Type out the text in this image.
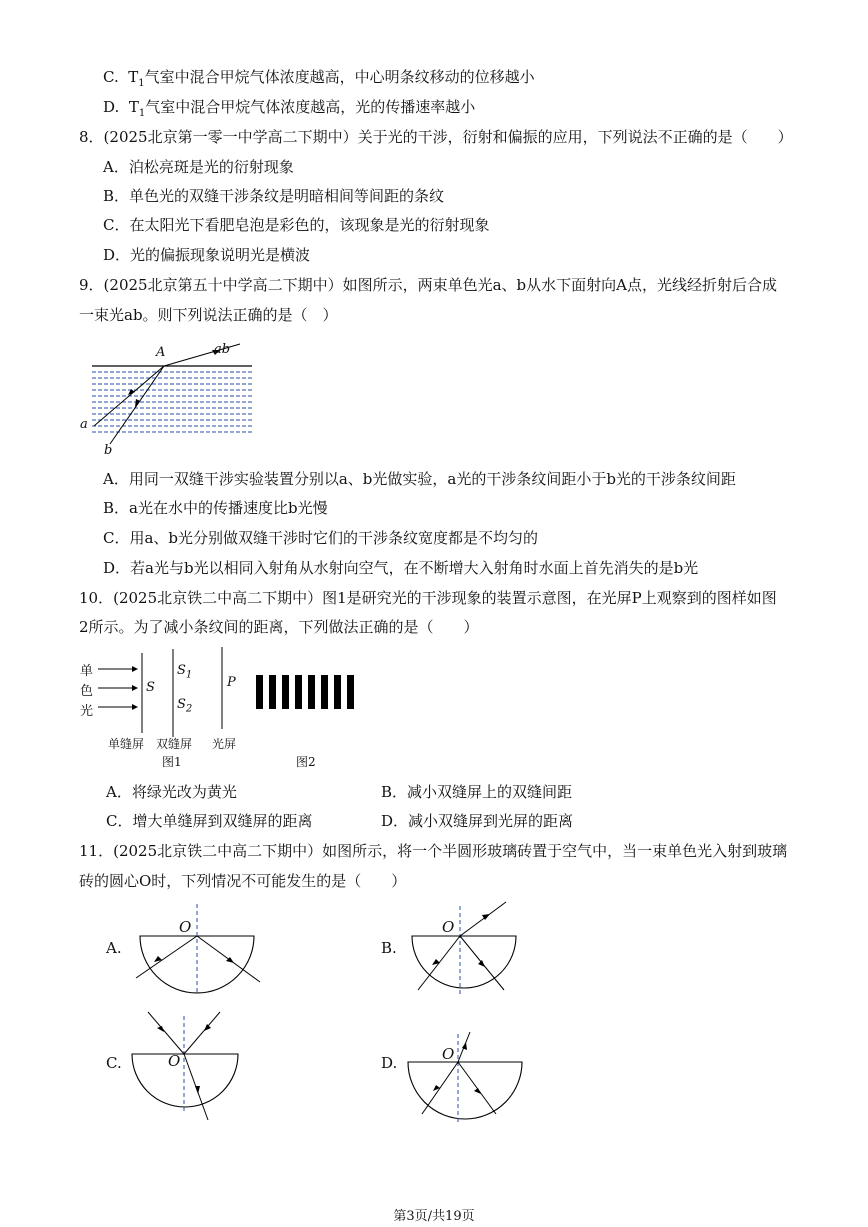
C. $T_1$气室中混合甲烷气体浓度越高，中心明条纹移动的位移越小
D. $T_1$气室中混合甲烷气体浓度越高，光的传播速率越小
8．(2025北京第一零一中学高二下期中）关于光的干涉，衍射和偏振的应用，下列说法不正确的是（　　）
A．泊松亮斑是光的衍射现象
B．单色光的双缝干涉条纹是明暗相间等间距的条纹
C．在太阳光下看肥皂泡是彩色的，该现象是光的衍射现象
D．光的偏振现象说明光是横波
9．(2025北京第五十中学高二下期中）如图所示，两束单色光a、b从水下面射向A点，光线经折射后合成
一束光ab。则下列说法正确的是（　）
A	ab
a
b
A．用同一双缝干涉实验装置分别以a、b光做实验，a光的干涉条纹间距小于b光的干涉条纹间距
B．a光在水中的传播速度比b光慢
C．用a、b光分别做双缝干涉时它们的干涉条纹宽度都是不均匀的
D．若a光与b光以相同入射角从水射向空气，在不断增大入射角时水面上首先消失的是b光
10．(2025北京铁二中高二下期中）图1是研究光的干涉现象的装置示意图，在光屏P上观察到的图样如图
2所示。为了减小条纹间的距离，下列做法正确的是（　　）
单
色
光
S
$S_1$
$S_2$
P
单缝屏 双缝屏 光屏
图1	图2
A．将绿光改为黄光	B．减小双缝屏上的双缝间距
C．增大单缝屏到双缝屏的距离	D．减小双缝屏到光屏的距离
11．(2025北京铁二中高二下期中）如图所示，将一个半圆形玻璃砖置于空气中，当一束单色光入射到玻璃
砖的圆心O时，下列情况不可能发生的是（　　）
A.
O
B.
O
C.	O	D.	O
第3页/共19页
